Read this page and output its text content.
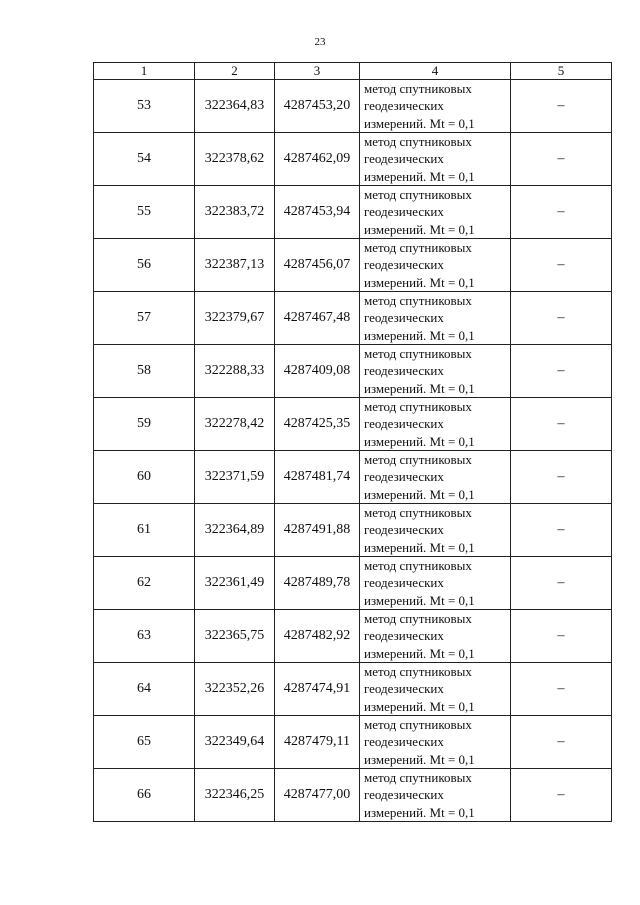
23
1	2	3	4	5
53	322364,83	4287453,20	метод спутниковых
геодезических
измерений. Mt = 0,1	–
54	322378,62	4287462,09	метод спутниковых
геодезических
измерений. Mt = 0,1	–
55	322383,72	4287453,94	метод спутниковых
геодезических
измерений. Mt = 0,1	–
56	322387,13	4287456,07	метод спутниковых
геодезических
измерений. Mt = 0,1	–
57	322379,67	4287467,48	метод спутниковых
геодезических
измерений. Mt = 0,1	–
58	322288,33	4287409,08	метод спутниковых
геодезических
измерений. Mt = 0,1	–
59	322278,42	4287425,35	метод спутниковых
геодезических
измерений. Mt = 0,1	–
60	322371,59	4287481,74	метод спутниковых
геодезических
измерений. Mt = 0,1	–
61	322364,89	4287491,88	метод спутниковых
геодезических
измерений. Mt = 0,1	–
62	322361,49	4287489,78	метод спутниковых
геодезических
измерений. Mt = 0,1	–
63	322365,75	4287482,92	метод спутниковых
геодезических
измерений. Mt = 0,1	–
64	322352,26	4287474,91	метод спутниковых
геодезических
измерений. Mt = 0,1	–
65	322349,64	4287479,11	метод спутниковых
геодезических
измерений. Mt = 0,1	–
66	322346,25	4287477,00	метод спутниковых
геодезических
измерений. Mt = 0,1	–
